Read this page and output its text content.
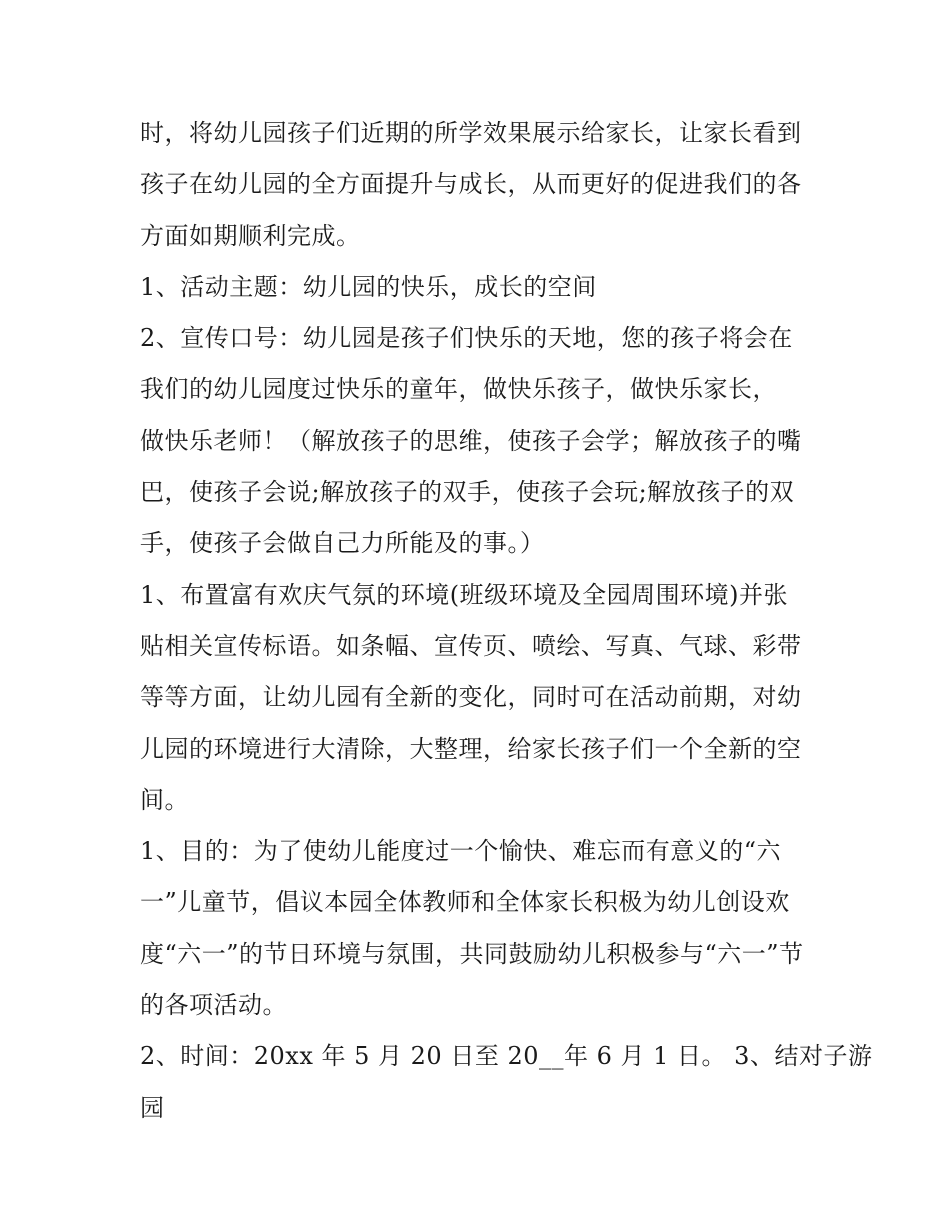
时，将幼儿园孩子们近期的所学效果展示给家长，让家长看到
孩子在幼儿园的全方面提升与成长，从而更好的促进我们的各
方面如期顺利完成。
1、活动主题：幼儿园的快乐，成长的空间
2、宣传口号：幼儿园是孩子们快乐的天地，您的孩子将会在
我们的幼儿园度过快乐的童年，做快乐孩子，做快乐家长，
做快乐老师！（解放孩子的思维，使孩子会学；解放孩子的嘴
巴，使孩子会说;解放孩子的双手，使孩子会玩;解放孩子的双
手，使孩子会做自己力所能及的事。）
1、布置富有欢庆气氛的环境(班级环境及全园周围环境)并张
贴相关宣传标语。如条幅、宣传页、喷绘、写真、气球、彩带
等等方面，让幼儿园有全新的变化，同时可在活动前期，对幼
儿园的环境进行大清除，大整理，给家长孩子们一个全新的空
间。
1、目的：为了使幼儿能度过一个愉快、难忘而有意义的“六
一”儿童节，倡议本园全体教师和全体家长积极为幼儿创设欢
度“六一”的节日环境与氛围，共同鼓励幼儿积极参与“六一”节
的各项活动。
2、时间：20xx 年 5 月 20 日至 20__年 6 月 1 日。 3、结对子游
园
